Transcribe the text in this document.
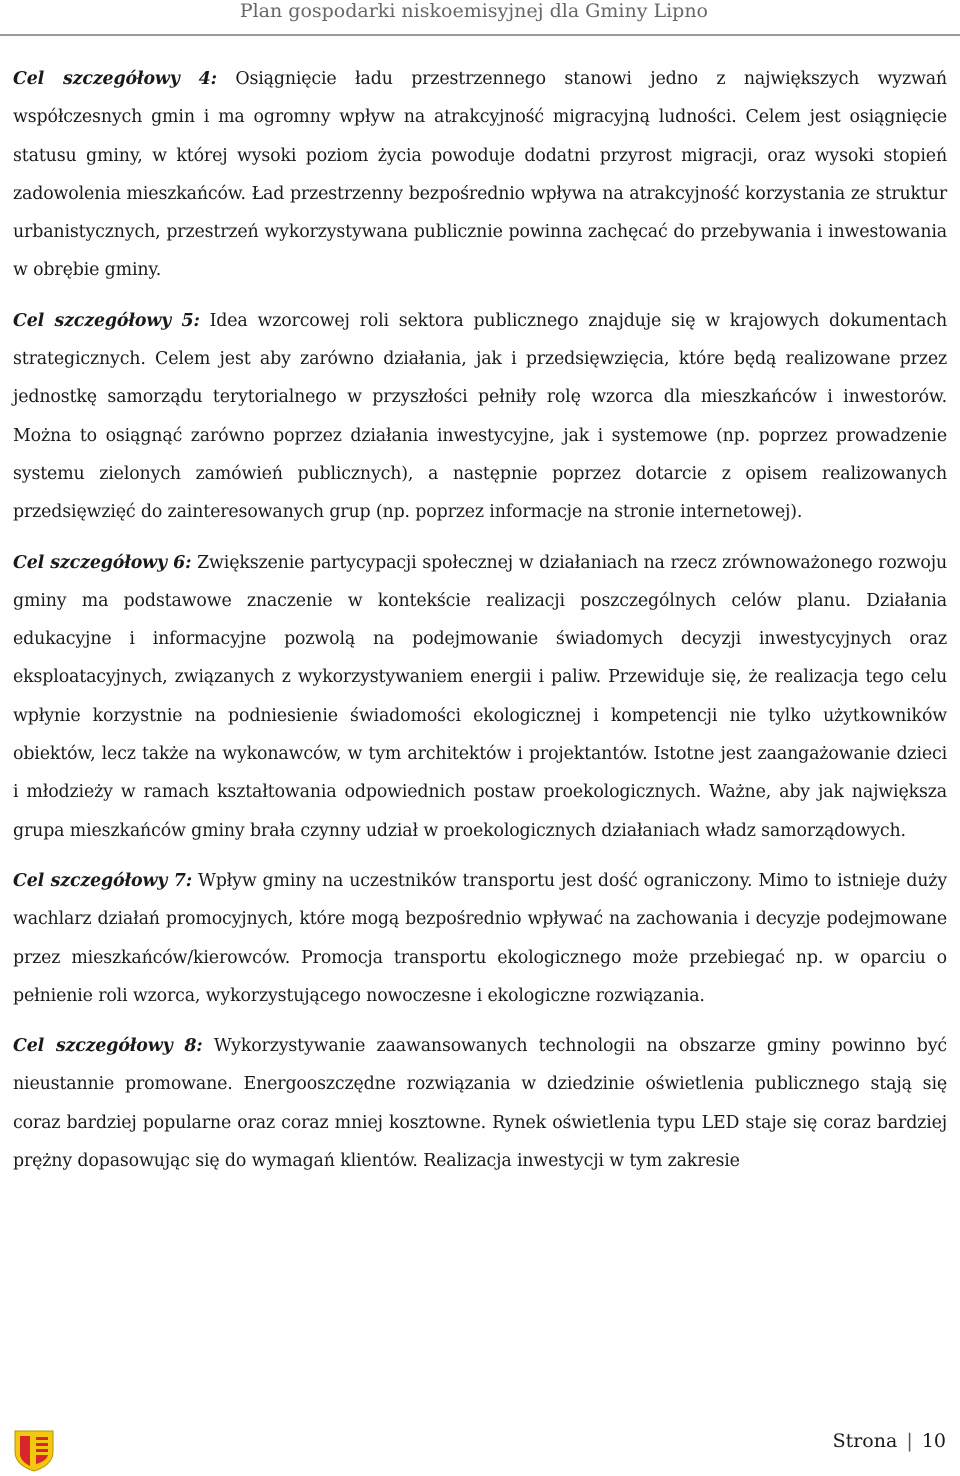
Plan gospodarki niskoemisyjnej dla Gminy Lipno

Cel szczegółowy 4: Osiągnięcie ładu przestrzennego stanowi jedno z największych wyzwań współczesnych gmin i ma ogromny wpływ na atrakcyjność migracyjną ludności. Celem jest osiągnięcie statusu gminy, w której wysoki poziom życia powoduje dodatni przyrost migracji, oraz wysoki stopień zadowolenia mieszkańców. Ład przestrzenny bezpośrednio wpływa na atrakcyjność korzystania ze struktur urbanistycznych, przestrzeń wykorzystywana publicznie powinna zachęcać do przebywania i inwestowania w obrębie gminy.

Cel szczegółowy 5: Idea wzorcowej roli sektora publicznego znajduje się w krajowych dokumentach strategicznych. Celem jest aby zarówno działania, jak i przedsięwzięcia, które będą realizowane przez jednostkę samorządu terytorialnego w przyszłości pełniły rolę wzorca dla mieszkańców i inwestorów. Można to osiągnąć zarówno poprzez działania inwestycyjne, jak i systemowe (np. poprzez prowadzenie systemu zielonych zamówień publicznych), a następnie poprzez dotarcie z opisem realizowanych przedsięwzięć do zainteresowanych grup (np. poprzez informacje na stronie internetowej).

Cel szczegółowy 6: Zwiększenie partycypacji społecznej w działaniach na rzecz zrównoważonego rozwoju gminy ma podstawowe znaczenie w kontekście realizacji poszczególnych celów planu. Działania edukacyjne i informacyjne pozwolą na podejmowanie świadomych decyzji inwestycyjnych oraz eksploatacyjnych, związanych z wykorzystywaniem energii i paliw. Przewiduje się, że realizacja tego celu wpłynie korzystnie na podniesienie świadomości ekologicznej i kompetencji nie tylko użytkowników obiektów, lecz także na wykonawców, w tym architektów i projektantów. Istotne jest zaangażowanie dzieci i młodzieży w ramach kształtowania odpowiednich postaw proekologicznych. Ważne, aby jak największa grupa mieszkańców gminy brała czynny udział w proekologicznych działaniach władz samorządowych.

Cel szczegółowy 7: Wpływ gminy na uczestników transportu jest dość ograniczony. Mimo to istnieje duży wachlarz działań promocyjnych, które mogą bezpośrednio wpływać na zachowania i decyzje podejmowane przez mieszkańców/kierowców. Promocja transportu ekologicznego może przebiegać np. w oparciu o pełnienie roli wzorca, wykorzystującego nowoczesne i ekologiczne rozwiązania.

Cel szczegółowy 8: Wykorzystywanie zaawansowanych technologii na obszarze gminy powinno być nieustannie promowane. Energooszczędne rozwiązania w dziedzinie oświetlenia publicznego stają się coraz bardziej popularne oraz coraz mniej kosztowne. Rynek oświetlenia typu LED staje się coraz bardziej prężny dopasowując się do wymagań klientów. Realizacja inwestycji w tym zakresie

Strona | 10
